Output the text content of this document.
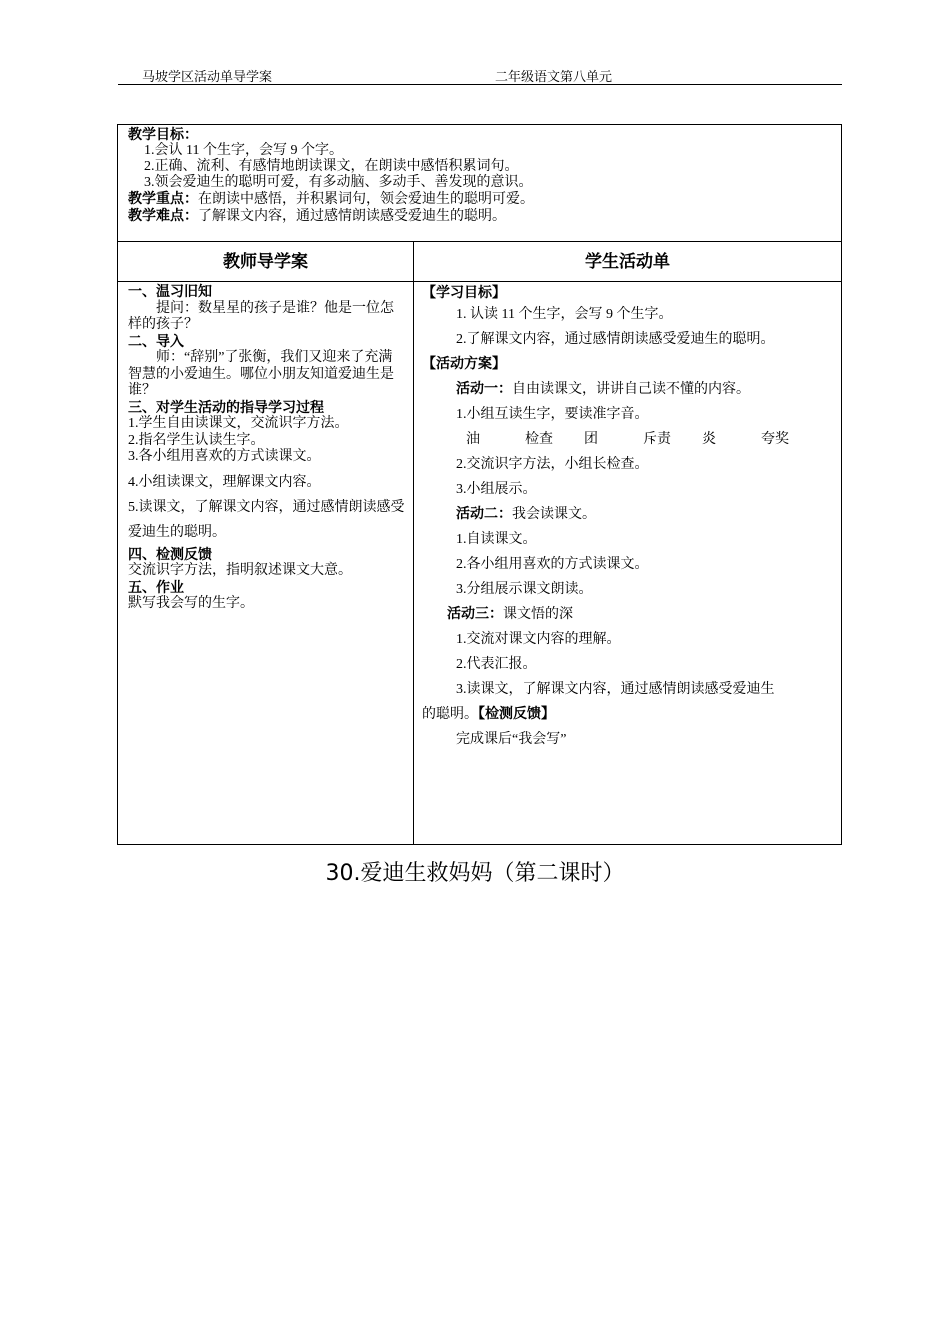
马坡学区活动单导学案	二年级语文第八单元
教学目标：
1.会认 11 个生字，会写 9 个字。
2.正确、流利、有感情地朗读课文，在朗读中感悟积累词句。
3.领会爱迪生的聪明可爱，有多动脑、多动手、善发现的意识。
教学重点：在朗读中感悟，并积累词句，领会爱迪生的聪明可爱。
教学难点：了解课文内容，通过感情朗读感受爱迪生的聪明。
教师导学案	学生活动单
一、温习旧知
提问：数星星的孩子是谁？他是一位怎样的孩子？
二、导入
师：“辞别”了张衡，我们又迎来了充满智慧的小爱迪生。哪位小朋友知道爱迪生是谁？
三、对学生活动的指导学习过程
1.学生自由读课文，交流识字方法。
2.指名学生认读生字。
3.各小组用喜欢的方式读课文。
4.小组读课文，理解课文内容。
5.读课文，了解课文内容，通过感情朗读感受爱迪生的聪明。
四、检测反馈
交流识字方法，指明叙述课文大意。
五、作业
默写我会写的生字。
【学习目标】
1. 认读 11 个生字，会写 9 个生字。
2.了解课文内容，通过感情朗读感受爱迪生的聪明。
【活动方案】
活动一：自由读课文，讲讲自己读不懂的内容。
1.小组互读生字，要读准字音。
油	检查	团	斥责	炎	夸奖
2.交流识字方法，小组长检查。
3.小组展示。
活动二：我会读课文。
1.自读课文。
2.各小组用喜欢的方式读课文。
3.分组展示课文朗读。
活动三：课文悟的深
1.交流对课文内容的理解。
2.代表汇报。
3.读课文，了解课文内容，通过感情朗读感受爱迪生
的聪明。【检测反馈】
完成课后“我会写”
30.爱迪生救妈妈（第二课时）
